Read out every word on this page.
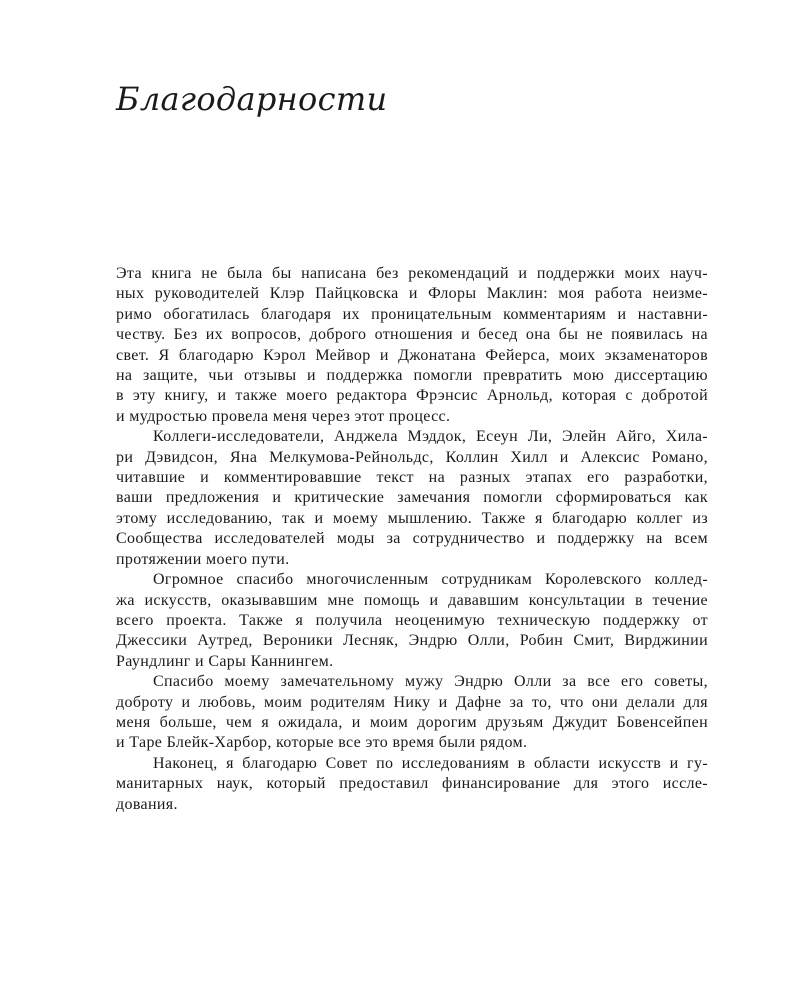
Благодарности

Эта книга не была бы написана без рекомендаций и поддержки моих науч-
ных руководителей Клэр Пайцковска и Флоры Маклин: моя работа неизме-
римо обогатилась благодаря их проницательным комментариям и наставни-
честву. Без их вопросов, доброго отношения и бесед она бы не появилась на
свет. Я благодарю Кэрол Мейвор и Джонатана Фейерса, моих экзаменаторов
на защите, чьи отзывы и поддержка помогли превратить мою диссертацию
в эту книгу, и также моего редактора Фрэнсис Арнольд, которая с добротой
и мудростью провела меня через этот процесс.

Коллеги-исследователи, Анджела Мэддок, Есеун Ли, Элейн Айго, Хила-
ри Дэвидсон, Яна Мелкумова-Рейнольдс, Коллин Хилл и Алексис Романо,
читавшие и комментировавшие текст на разных этапах его разработки,
ваши предложения и критические замечания помогли сформироваться как
этому исследованию, так и моему мышлению. Также я благодарю коллег из
Сообщества исследователей моды за сотрудничество и поддержку на всем
протяжении моего пути.

Огромное спасибо многочисленным сотрудникам Королевского коллед-
жа искусств, оказывавшим мне помощь и дававшим консультации в течение
всего проекта. Также я получила неоценимую техническую поддержку от
Джессики Аутред, Вероники Лесняк, Эндрю Олли, Робин Смит, Вирджинии
Раундлинг и Сары Каннингем.

Спасибо моему замечательному мужу Эндрю Олли за все его советы,
доброту и любовь, моим родителям Нику и Дафне за то, что они делали для
меня больше, чем я ожидала, и моим дорогим друзьям Джудит Бовенсейпен
и Таре Блейк-Харбор, которые все это время были рядом.

Наконец, я благодарю Совет по исследованиям в области искусств и гу-
манитарных наук, который предоставил финансирование для этого иссле-
дования.
